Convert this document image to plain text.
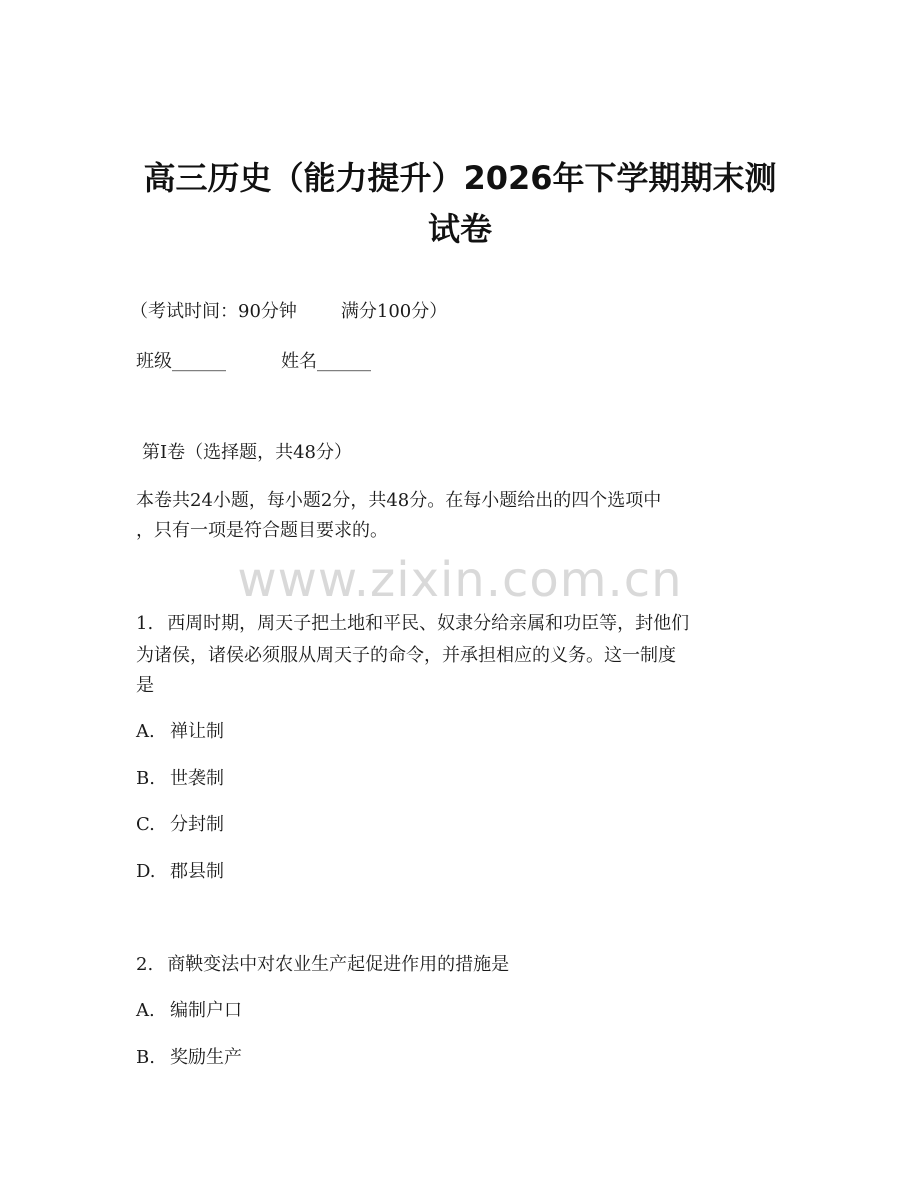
高三历史（能力提升）2026年下学期期末测
试卷
（考试时间：90分钟 满分100分）
班级______	姓名______
第Ⅰ卷（选择题，共48分）
本卷共24小题，每小题2分，共48分。在每小题给出的四个选项中
，只有一项是符合题目要求的。
www.zixin.com.cn
1. 西周时期，周天子把土地和平民、奴隶分给亲属和功臣等，封他们
为诸侯，诸侯必须服从周天子的命令，并承担相应的义务。这一制度
是
A. 禅让制
B. 世袭制
C. 分封制
D. 郡县制
2. 商鞅变法中对农业生产起促进作用的措施是
A. 编制户口
B. 奖励生产
